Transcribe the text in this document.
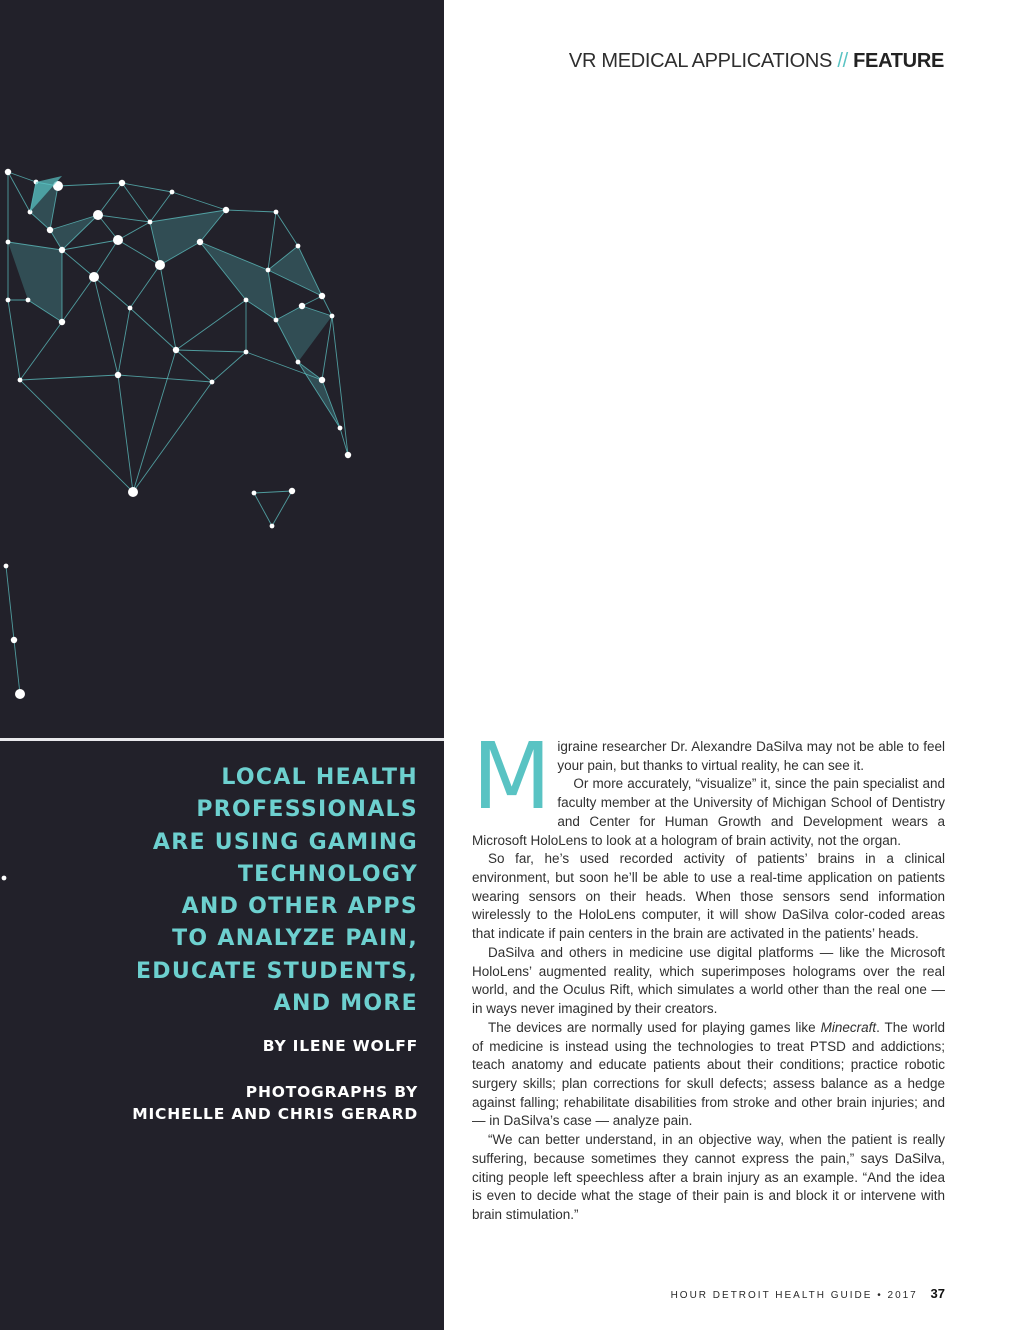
VR MEDICAL APPLICATIONS // FEATURE
LOCAL HEALTH
PROFESSIONALS
ARE USING GAMING
TECHNOLOGY
AND OTHER APPS
TO ANALYZE PAIN,
EDUCATE STUDENTS,
AND MORE
BY ILENE WOLFF
PHOTOGRAPHS BY
MICHELLE AND CHRIS GERARD
M igraine researcher Dr. Alexandre DaSilva may not be able to feel your pain, but thanks to virtual reality, he can see it.

Or more accurately, “visualize” it, since the pain specialist and faculty member at the University of Michigan School of Dentistry and Center for Human Growth and Development wears a Microsoft HoloLens to look at a hologram of brain activity, not the organ.

So far, he’s used recorded activity of patients’ brains in a clinical environment, but soon he’ll be able to use a real-time application on patients wearing sensors on their heads. When those sensors send information wirelessly to the HoloLens computer, it will show DaSilva color-coded areas that indicate if pain centers in the brain are activated in the patients’ heads.

DaSilva and others in medicine use digital platforms — like the Microsoft HoloLens’ augmented reality, which superimposes holograms over the real world, and the Oculus Rift, which simulates a world other than the real one — in ways never imagined by their creators.

The devices are normally used for playing games like Minecraft. The world of medicine is instead using the technologies to treat PTSD and addictions; teach anatomy and educate patients about their conditions; practice robotic surgery skills; plan corrections for skull defects; assess balance as a hedge against falling; rehabilitate disabilities from stroke and other brain injuries; and — in DaSilva’s case — analyze pain.

“We can better understand, in an objective way, when the patient is really suffering, because sometimes they cannot express the pain,” says DaSilva, citing people left speechless after a brain injury as an example. “And the idea is even to decide what the stage of their pain is and block it or intervene with brain stimulation.”

HOUR DETROIT HEALTH GUIDE • 2017 37
